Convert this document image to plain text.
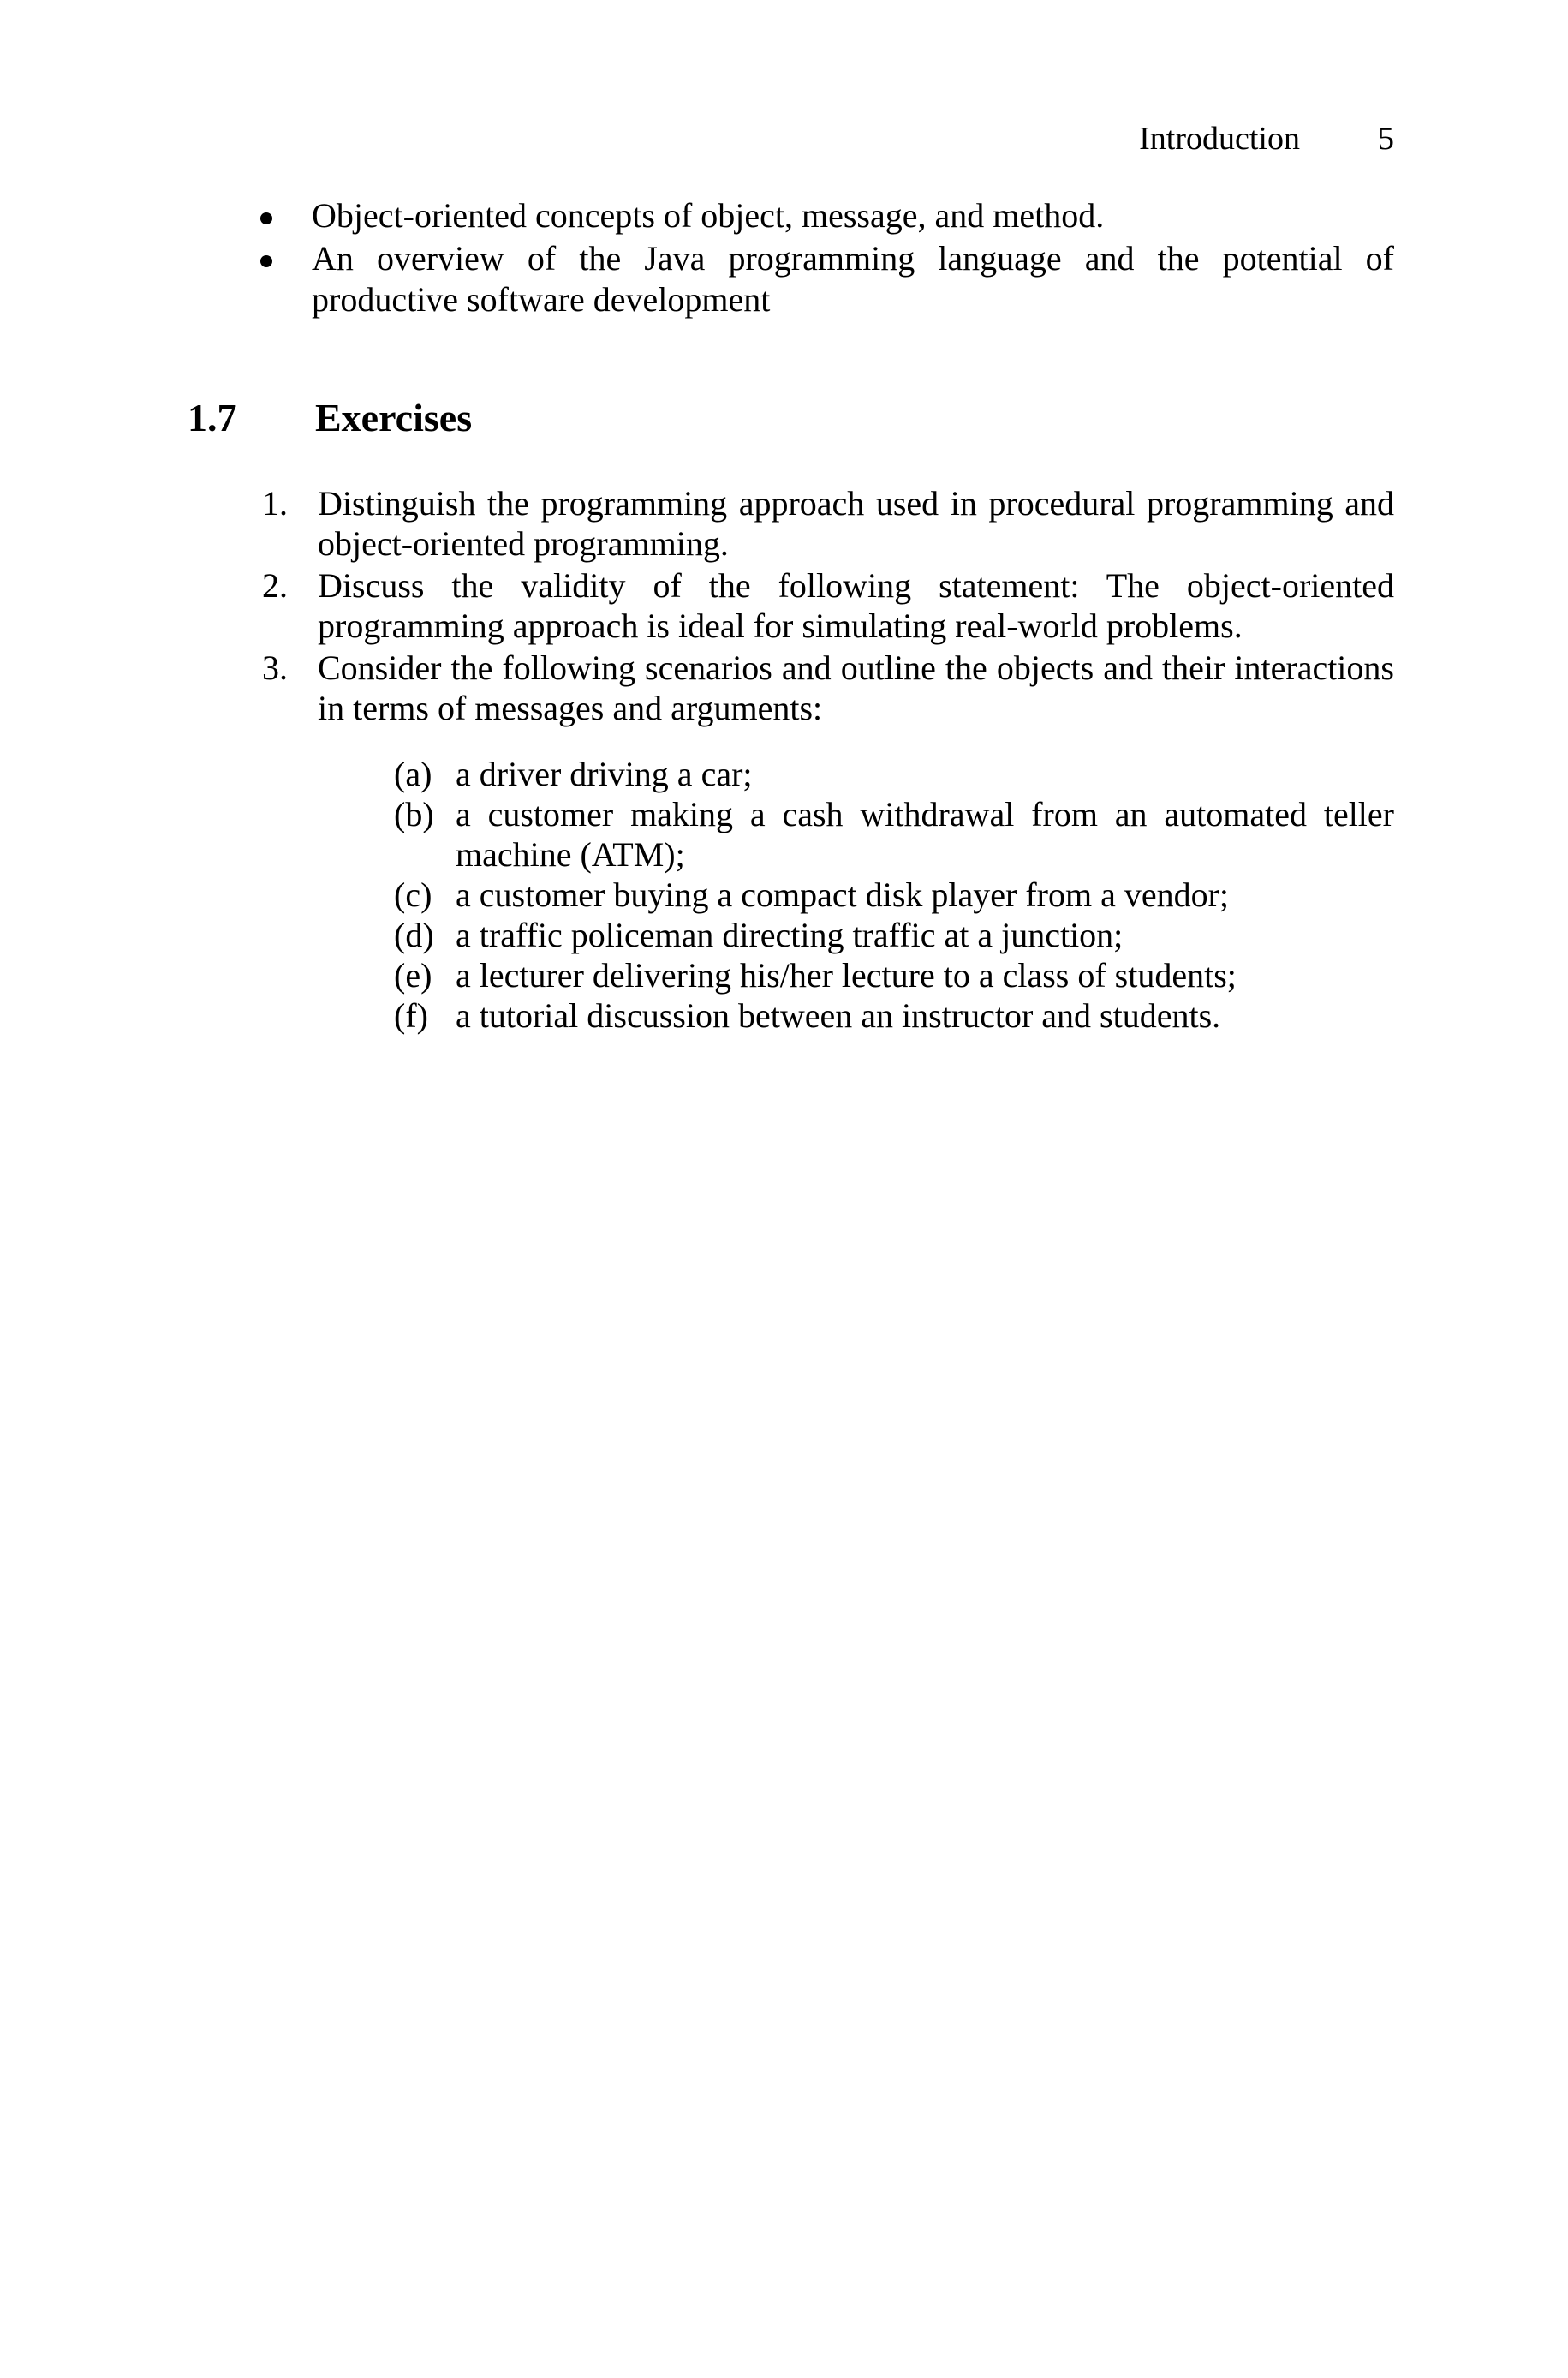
Introduction 5
Object-oriented concepts of object, message, and method.
An overview of the Java programming language and the potential of productive software development
1.7 Exercises
1. Distinguish the programming approach used in procedural programming and object-oriented programming.
2. Discuss the validity of the following statement: The object-oriented programming approach is ideal for simulating real-world problems.
3. Consider the following scenarios and outline the objects and their interactions in terms of messages and arguments:
(a) a driver driving a car;
(b) a customer making a cash withdrawal from an automated teller machine (ATM);
(c) a customer buying a compact disk player from a vendor;
(d) a traffic policeman directing traffic at a junction;
(e) a lecturer delivering his/her lecture to a class of students;
(f) a tutorial discussion between an instructor and students.
